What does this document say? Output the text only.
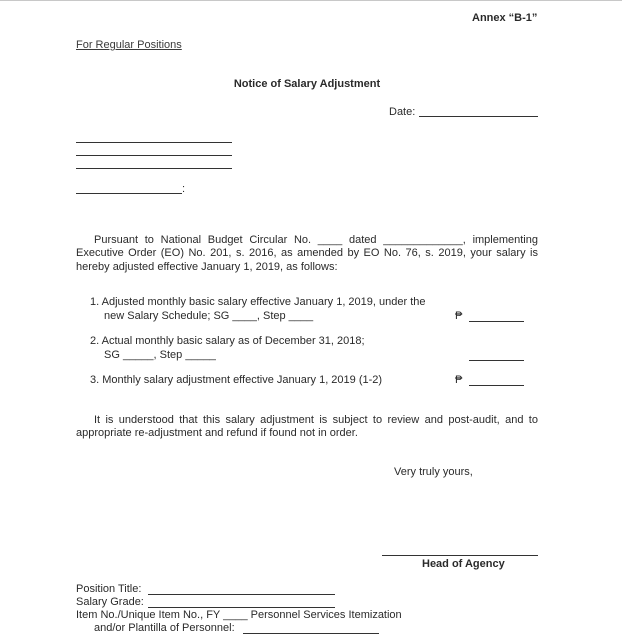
Annex “B-1”
For Regular Positions
Notice of Salary Adjustment
Date:
:
Pursuant to National Budget Circular No. ____ dated _____________, implementing Executive Order (EO) No. 201, s. 2016, as amended by EO No. 76, s. 2019, your salary is hereby adjusted effective January 1, 2019, as follows:
1. Adjusted monthly basic salary effective January 1, 2019, under the
new Salary Schedule; SG ____, Step ____	₱
2. Actual monthly basic salary as of December 31, 2018;
SG _____, Step _____
3. Monthly salary adjustment effective January 1, 2019 (1-2)	₱
It is understood that this salary adjustment is subject to review and post-audit, and to appropriate re-adjustment and refund if found not in order.
Very truly yours,
Head of Agency
Position Title:
Salary Grade:
Item No./Unique Item No., FY ____ Personnel Services Itemization
and/or Plantilla of Personnel:
